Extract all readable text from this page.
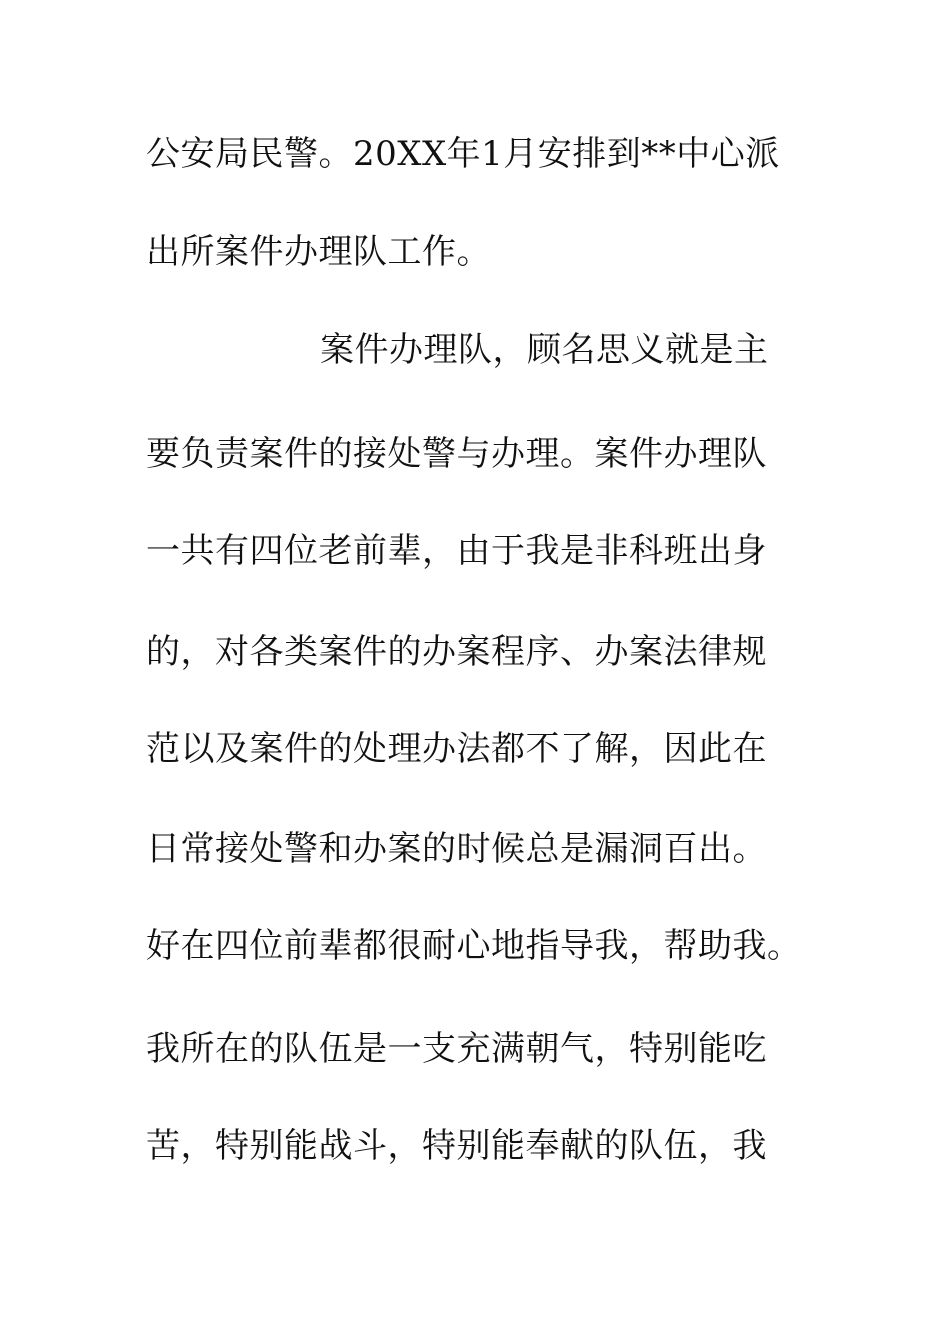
公安局民警。20XX年1月安排到**中心派
出所案件办理队工作。
案件办理队，顾名思义就是主
要负责案件的接处警与办理。案件办理队
一共有四位老前辈，由于我是非科班出身
的，对各类案件的办案程序、办案法律规
范以及案件的处理办法都不了解，因此在
日常接处警和办案的时候总是漏洞百出。
好在四位前辈都很耐心地指导我，帮助我。
我所在的队伍是一支充满朝气，特别能吃
苦，特别能战斗，特别能奉献的队伍，我
